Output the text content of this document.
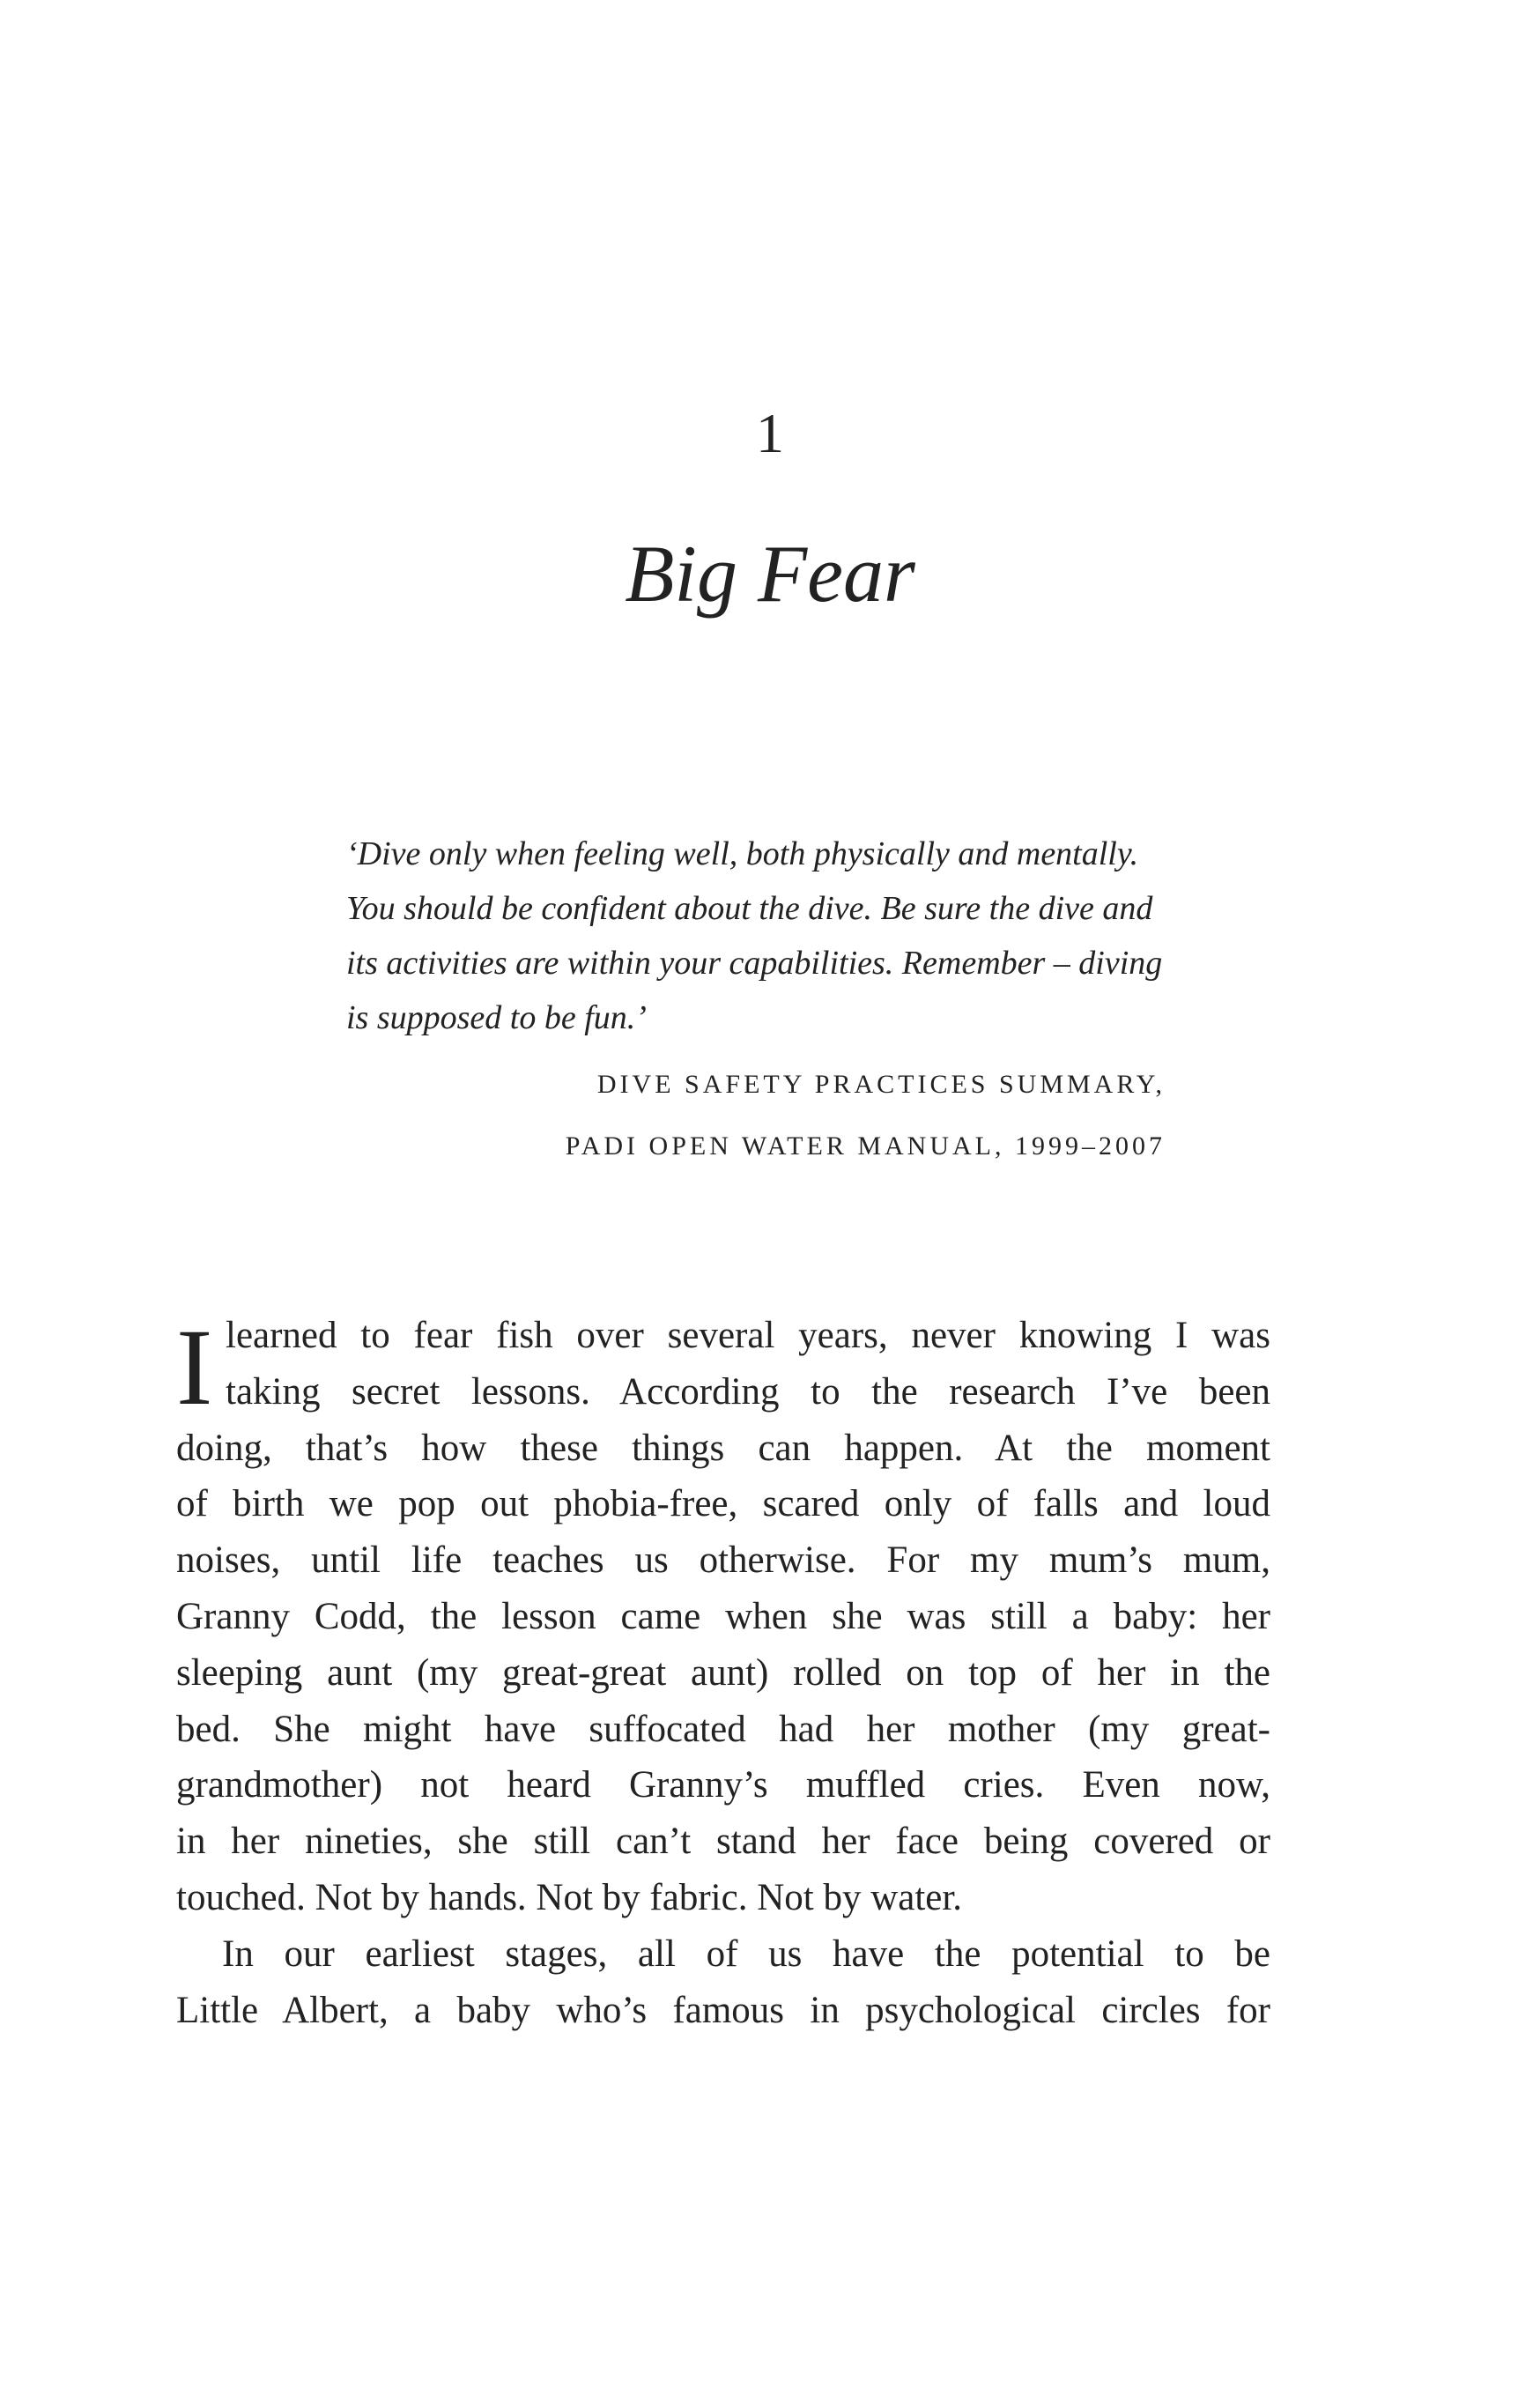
1
Big Fear
‘Dive only when feeling well, both physically and mentally.
You should be confident about the dive. Be sure the dive and
its activities are within your capabilities. Remember – diving
is supposed to be fun.’
DIVE SAFETY PRACTICES SUMMARY,
PADI OPEN WATER MANUAL, 1999–2007
I learned to fear fish over several years, never knowing I was
taking secret lessons. According to the research I’ve been
doing, that’s how these things can happen. At the moment
of birth we pop out phobia-free, scared only of falls and loud
noises, until life teaches us otherwise. For my mum’s mum,
Granny Codd, the lesson came when she was still a baby: her
sleeping aunt (my great-great aunt) rolled on top of her in the
bed. She might have suffocated had her mother (my great-
grandmother) not heard Granny’s muffled cries. Even now,
in her nineties, she still can’t stand her face being covered or
touched. Not by hands. Not by fabric. Not by water.
In our earliest stages, all of us have the potential to be
Little Albert, a baby who’s famous in psychological circles for
